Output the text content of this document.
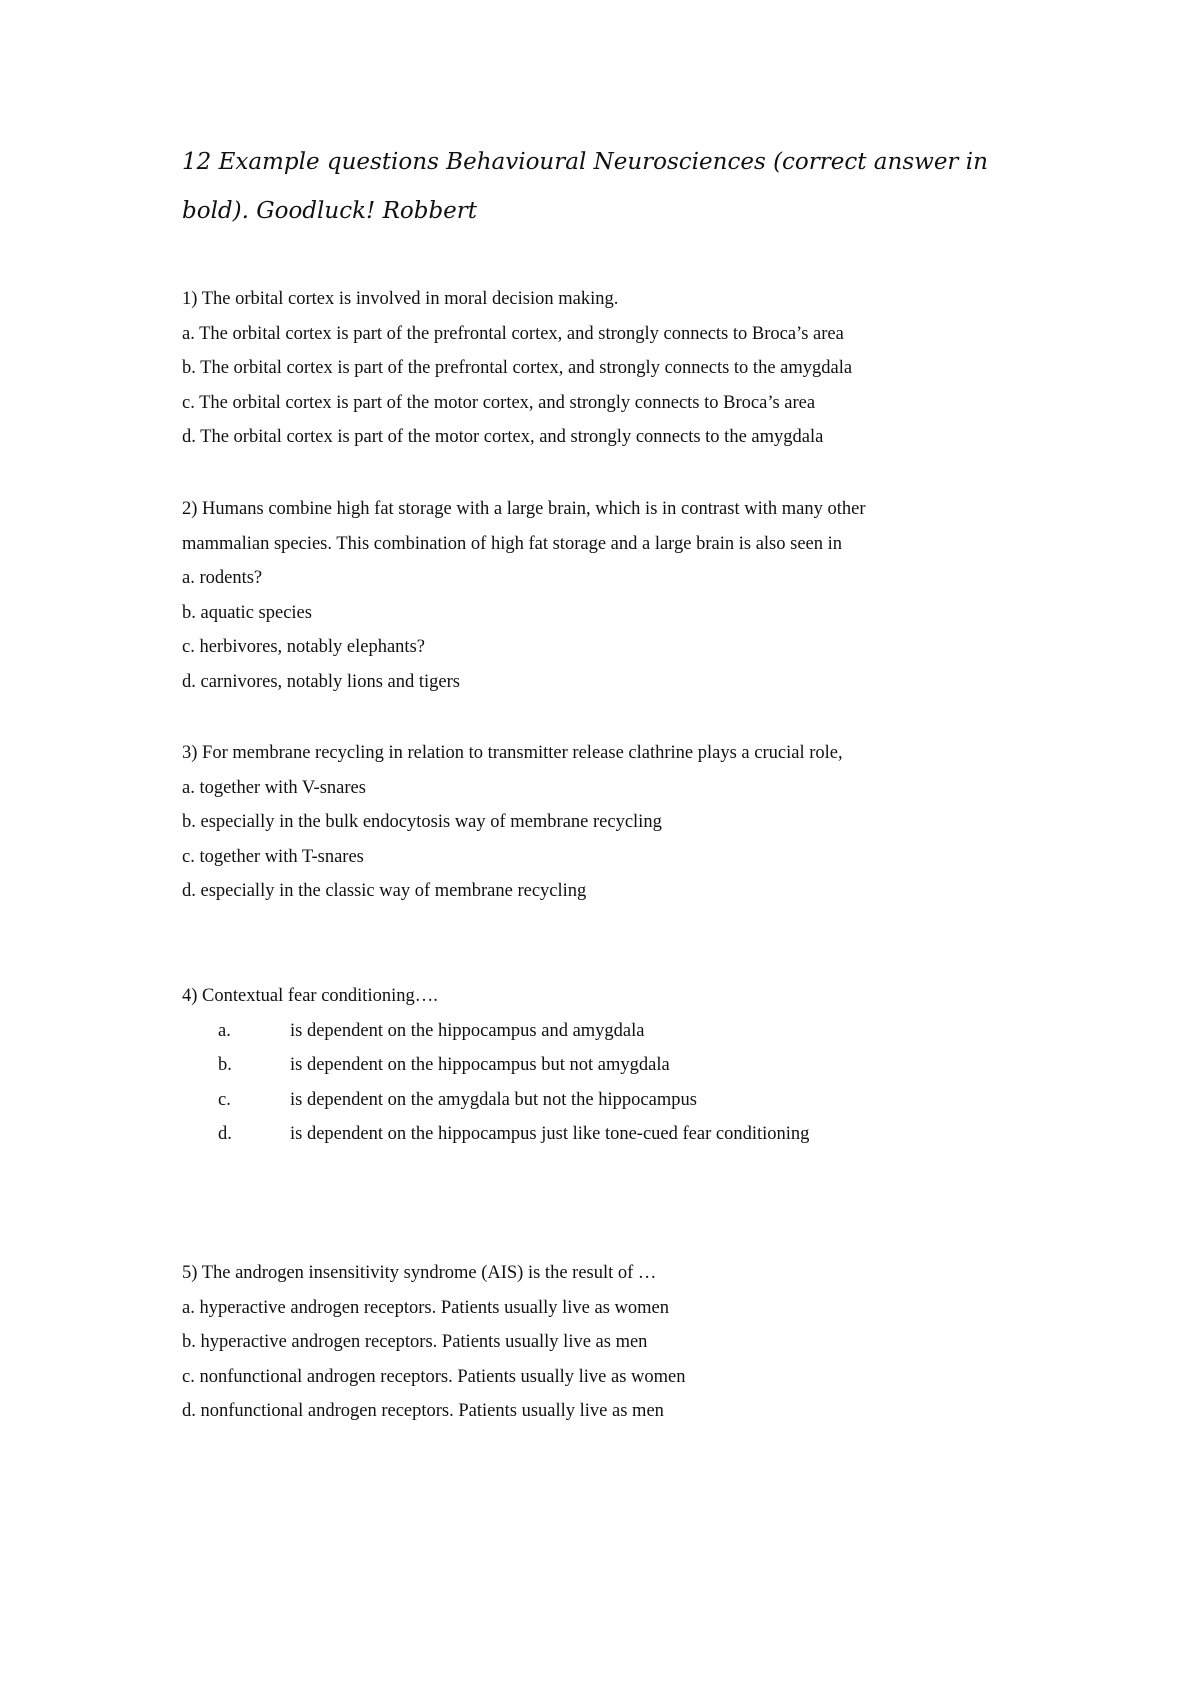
12 Example questions Behavioural Neurosciences (correct answer in bold). Goodluck! Robbert

1) The orbital cortex is involved in moral decision making.

a. The orbital cortex is part of the prefrontal cortex, and strongly connects to Broca’s area

b. The orbital cortex is part of the prefrontal cortex, and strongly connects to the amygdala

c. The orbital cortex is part of the motor cortex, and strongly connects to Broca’s area

d. The orbital cortex is part of the motor cortex, and strongly connects to the amygdala

2) Humans combine high fat storage with a large brain, which is in contrast with many other mammalian species. This combination of high fat storage and a large brain is also seen in

a. rodents?

b. aquatic species

c. herbivores, notably elephants?

d. carnivores, notably lions and tigers

3) For membrane recycling in relation to transmitter release clathrine plays a crucial role,

a. together with V-snares

b. especially in the bulk endocytosis way of membrane recycling

c. together with T-snares

d. especially in the classic way of membrane recycling

4) Contextual fear conditioning….

a.	is dependent on the hippocampus and amygdala

b.	is dependent on the hippocampus but not amygdala

c.	is dependent on the amygdala but not the hippocampus

d.	is dependent on the hippocampus just like tone-cued fear conditioning

5) The androgen insensitivity syndrome (AIS) is the result of …

a. hyperactive androgen receptors. Patients usually live as women

b. hyperactive androgen receptors. Patients usually live as men

c. nonfunctional androgen receptors. Patients usually live as women

d. nonfunctional androgen receptors. Patients usually live as men
